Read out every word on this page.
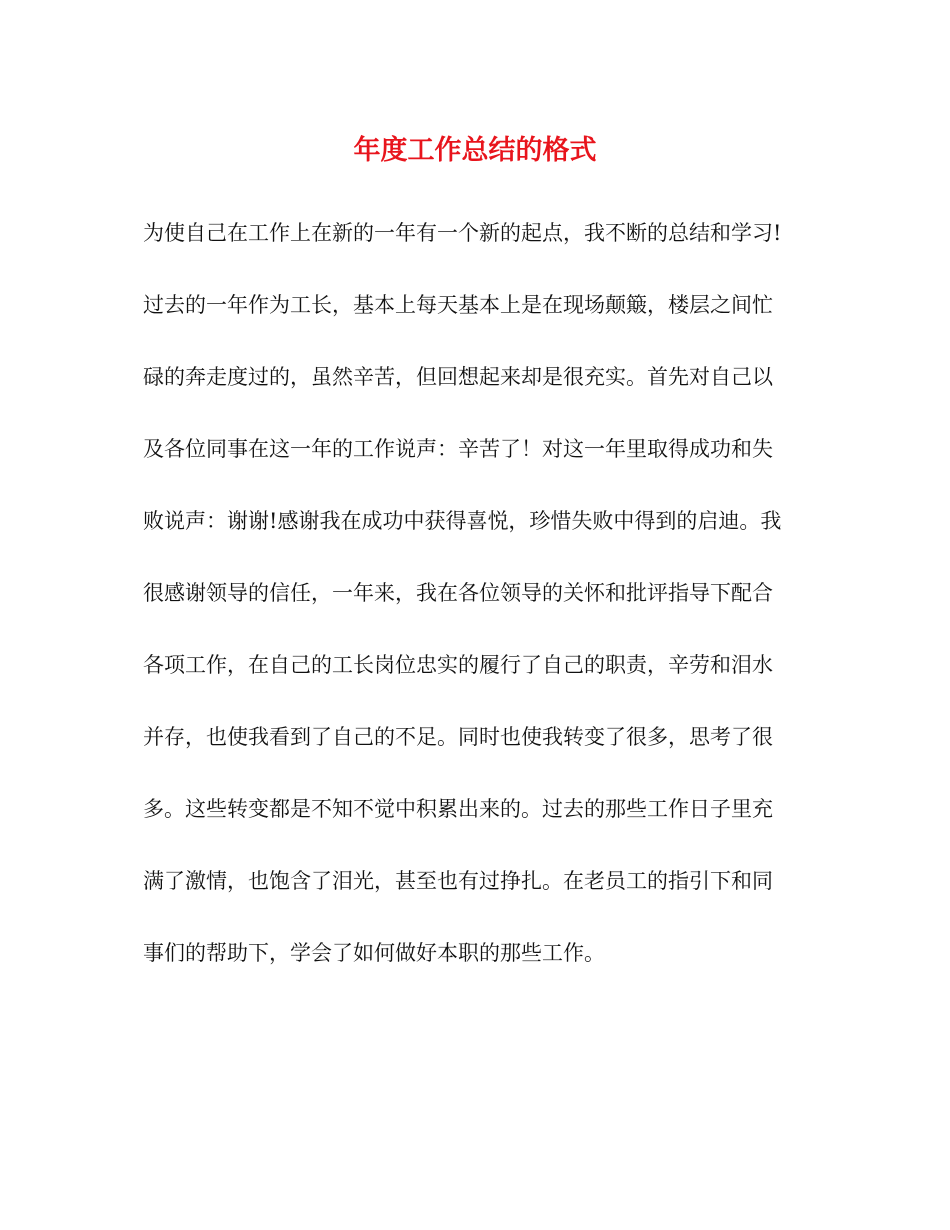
年度工作总结的格式
为使自己在工作上在新的一年有一个新的起点，我不断的总结和学习!
过去的一年作为工长，基本上每天基本上是在现场颠簸，楼层之间忙
碌的奔走度过的，虽然辛苦，但回想起来却是很充实。首先对自己以
及各位同事在这一年的工作说声：辛苦了！对这一年里取得成功和失
败说声：谢谢!感谢我在成功中获得喜悦，珍惜失败中得到的启迪。我
很感谢领导的信任，一年来，我在各位领导的关怀和批评指导下配合
各项工作，在自己的工长岗位忠实的履行了自己的职责，辛劳和泪水
并存，也使我看到了自己的不足。同时也使我转变了很多，思考了很
多。这些转变都是不知不觉中积累出来的。过去的那些工作日子里充
满了激情，也饱含了泪光，甚至也有过挣扎。在老员工的指引下和同
事们的帮助下，学会了如何做好本职的那些工作。
